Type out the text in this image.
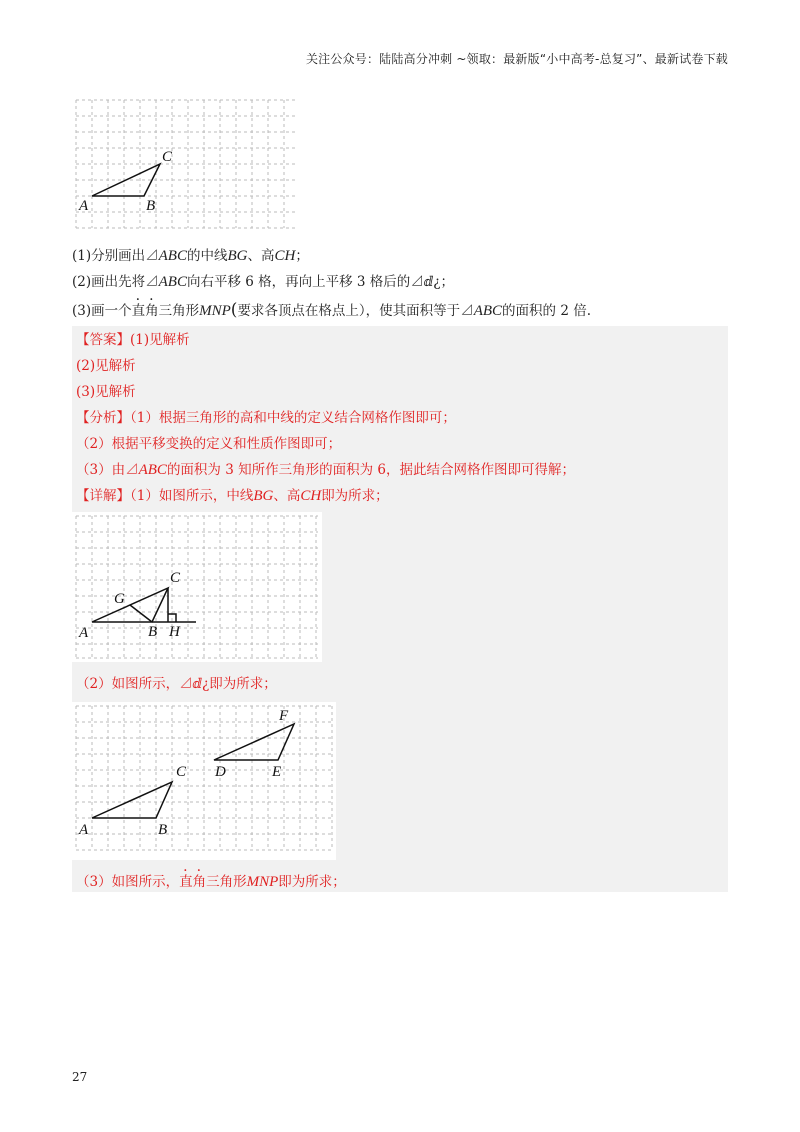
关注公众号：陆陆高分冲刺 ~领取：最新版“小中高考-总复习”、最新试卷下载
A	B
C
(1)分别画出⊿ABC的中线BG、高CH；
(2)画出先将⊿ABC向右平移 6 格，再向上平移 3 格后的⊿ⅆ¿；
(3)画一个直角三角形MNP(要求各顶点在格点上），使其面积等于⊿ABC的面积的 2 倍.
【答案】(1)见解析
(2)见解析
(3)见解析
【分析】（1）根据三角形的高和中线的定义结合网格作图即可；
（2）根据平移变换的定义和性质作图即可；
（3）由⊿ABC的面积为 3 知所作三角形的面积为 6，据此结合网格作图即可得解；
【详解】（1）如图所示，中线BG、高CH即为所求；
A	B
C
G
H
（2）如图所示，⊿ⅆ¿即为所求；
A	B
C D	E
F
（3）如图所示，直角三角形MNP即为所求；
27
